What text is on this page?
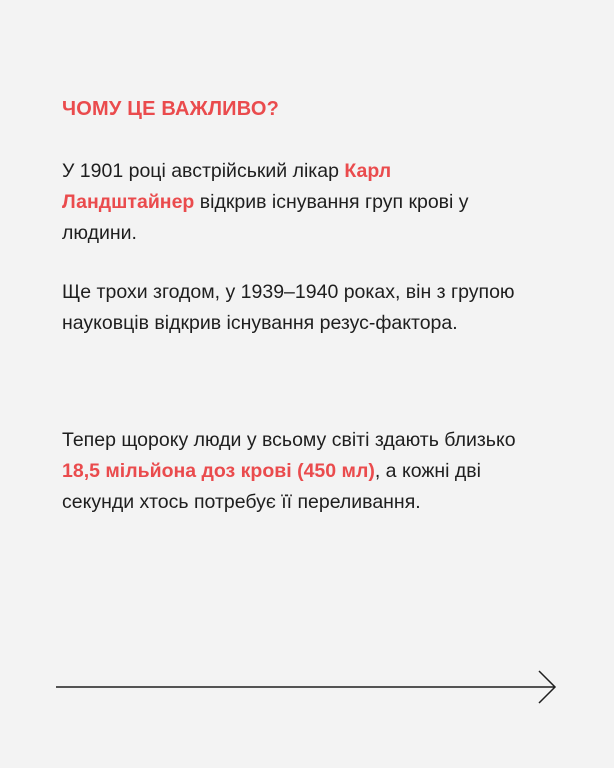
ЧОМУ ЦЕ ВАЖЛИВО?

У 1901 році австрійський лікар Карл Ландштайнер відкрив існування груп крові у людини.

Ще трохи згодом, у 1939–1940 роках, він з групою науковців відкрив існування резус-фактора.

Тепер щороку люди у всьому світі здають близько 18,5 мільйона доз крові (450 мл), а кожні дві секунди хтось потребує її переливання.
